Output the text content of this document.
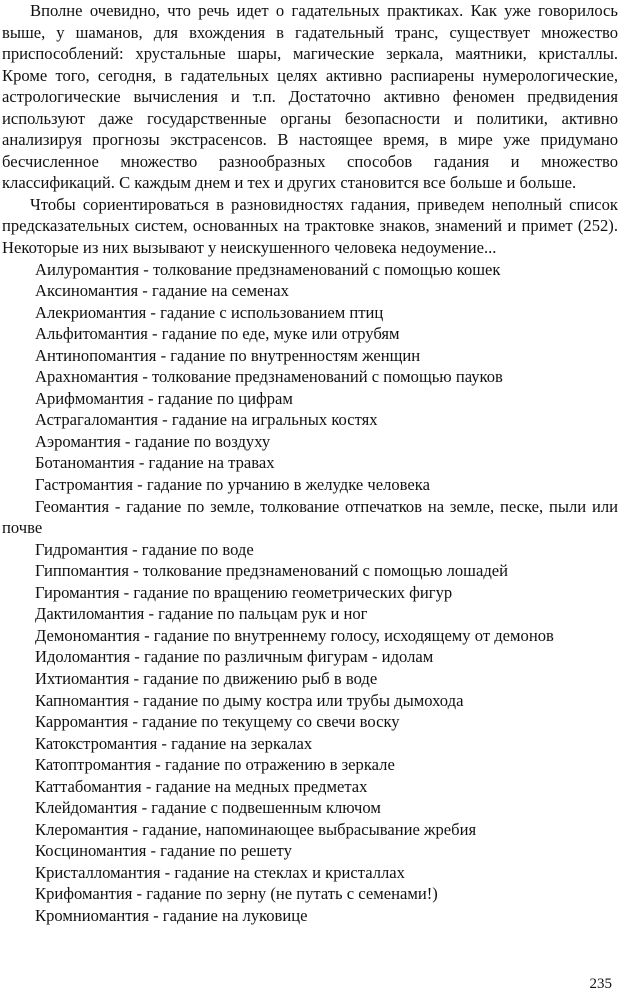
Вполне очевидно, что речь идет о гадательных практиках. Как уже говорилось выше, у шаманов, для вхождения в гадательный транс, существует множество приспособлений: хрустальные шары, магические зеркала, маятники, кристаллы. Кроме того, сегодня, в гадательных целях активно распиарены нумерологические, астрологические вычисления и т.п. Достаточно активно феномен предвидения используют даже государственные органы безопасности и политики, активно анализируя прогнозы экстрасенсов. В настоящее время, в мире уже придумано бесчисленное множество разнообразных способов гадания и множество классификаций. С каждым днем и тех и других становится все больше и больше.

Чтобы сориентироваться в разновидностях гадания, приведем неполный список предсказательных систем, основанных на трактовке знаков, знамений и примет (252). Некоторые из них вызывают у неискушенного человека недоумение...

Аилуромантия - толкование предзнаменований с помощью кошек
Аксиномантия - гадание на семенах
Алекриомантия - гадание с использованием птиц
Альфитомантия - гадание по еде, муке или отрубям
Антинопомантия - гадание по внутренностям женщин
Арахномантия - толкование предзнаменований с помощью пауков
Арифмомантия - гадание по цифрам
Астрагаломантия - гадание на игральных костях
Аэромантия - гадание по воздуху
Ботаномантия - гадание на травах
Гастромантия - гадание по урчанию в желудке человека
Геомантия - гадание по земле, толкование отпечатков на земле, песке, пыли или почве
Гидромантия - гадание по воде
Гиппомантия - толкование предзнаменований с помощью лошадей
Гиромантия - гадание по вращению геометрических фигур
Дактиломантия - гадание по пальцам рук и ног
Демономантия - гадание по внутреннему голосу, исходящему от демонов
Идоломантия - гадание по различным фигурам - идолам
Ихтиомантия - гадание по движению рыб в воде
Капномантия - гадание по дыму костра или трубы дымохода
Карромантия - гадание по текущему со свечи воску
Катокстромантия - гадание на зеркалах
Катоптромантия - гадание по отражению в зеркале
Каттабомантия - гадание на медных предметах
Клейдомантия - гадание с подвешенным ключом
Клеромантия - гадание, напоминающее выбрасывание жребия
Косциномантия - гадание по решету
Кристалломантия - гадание на стеклах и кристаллах
Крифомантия - гадание по зерну (не путать с семенами!)
Кромниомантия - гадание на луковице
235
